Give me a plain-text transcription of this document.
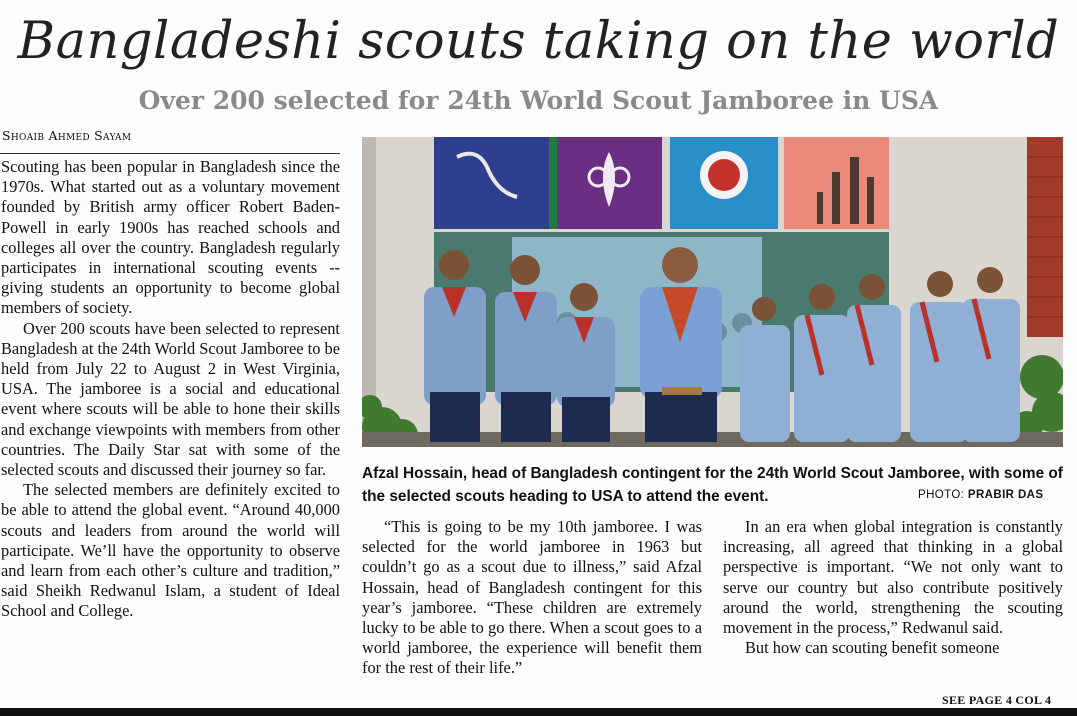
Bangladeshi scouts taking on the world
Over 200 selected for 24th World Scout Jamboree in USA
Shoaib Ahmed Sayam

Scouting has been popular in Bangladesh since the 1970s. What started out as a voluntary movement founded by British army officer Robert Baden-Powell in early 1900s has reached schools and colleges all over the country. Bangladesh regularly participates in international scouting events -- giving students an opportunity to become global members of society.

Over 200 scouts have been selected to represent Bangladesh at the 24th World Scout Jamboree to be held from July 22 to August 2 in West Virginia, USA. The jamboree is a social and educational event where scouts will be able to hone their skills and exchange viewpoints with members from other countries. The Daily Star sat with some of the selected scouts and discussed their journey so far.

The selected members are definitely excited to be able to attend the global event. “Around 40,000 scouts and leaders from around the world will participate. We’ll have the opportunity to observe and learn from each other’s culture and tradition,” said Sheikh Redwanul Islam, a student of Ideal School and College.

Afzal Hossain, head of Bangladesh contingent for the 24th World Scout Jamboree, with some of the selected scouts heading to USA to attend the event.	PHOTO: PRABIR DAS

“This is going to be my 10th jamboree. I was selected for the world jamboree in 1963 but couldn’t go as a scout due to illness,” said Afzal Hossain, head of Bangladesh contingent for this year’s jamboree. “These children are extremely lucky to be able to go there. When a scout goes to a world jamboree, the experience will benefit them for the rest of their life.”

In an era when global integration is constantly increasing, all agreed that thinking in a global perspective is important. “We not only want to serve our country but also contribute positively around the world, strengthening the scouting movement in the process,” Redwanul said.

But how can scouting benefit someone

SEE PAGE 4 COL 4
